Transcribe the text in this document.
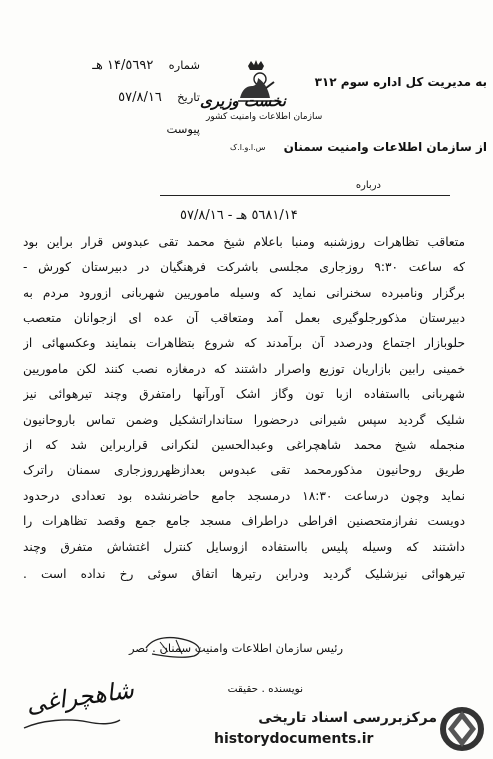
شماره  ١۴/٥٦٩٢ هـ
تاریخ  ٥٧/٨/١٦
پیوست
به مدیریت کل اداره سوم ٣١٢
نخست وزیری
سازمان اطلاعات وامنیت کشور
س.ا.و.ا.ک از سازمان اطلاعات وامنیت سمنان
درباره
١۴/٥٦٨١ هـ - ٥٧/٨/١٦
متعاقب تظاهرات روزشنبه ومنبا باعلام شیخ محمد تقی عبدوس قرار براین بود
که ساعت ٩:٣٠ روزجاری مجلسی باشرکت فرهنگیان در دبیرستان کورش -
برگزار ونامبرده سخنرانی نماید که وسیله ماموریین شهربانی ازورود مردم به
دبیرستان مذکورجلوگیری بعمل آمد ومتعاقب آن عده ای ازجوانان متعصب
حلوبازار اجتماع ودرصدد آن برآمدند که شروع بتظاهرات بنمایند وعکسهائی از
خمینی رابین بازاریان توزیع واصرار داشتند که درمغازه نصب کنند لکن ماموریین
شهربانی بااستفاده ازبا تون وگاز اشک آورآنها رامتفرق وچند تیرهوائی نیز
شلیک گردید سپس شیرانی درحضورا ستانداراتشکیل وضمن تماس باروحانیون
منجمله شیخ محمد شاهچراغی وعبدالحسین لنکرانی قراربراین شد که از
طریق روحانیون مذکورمحمد تقی عبدوس بعدازظهرروزجاری سمنان راترک
نماید وچون درساعت ١٨:٣٠ درمسجد جامع حاضرنشده بود تعدادی درحدود
دویست نفرازمتحصنین افراطی دراطراف مسجد جامع جمع وقصد تظاهرات را
داشتند که وسیله پلیس بااستفاده ازوسایل کنترل اغتشاش متفرق وچند
تیرهوائی نیزشلیک گردید ودراین رتیرها اتفاق سوئی رخ نداده است .
رئیس سازمان اطلاعات وامنیت سمنان . نصر
نویسنده . حقیقت
شاهچراغی	مرکزبررسی اسناد تاریخی
historydocuments.ir
